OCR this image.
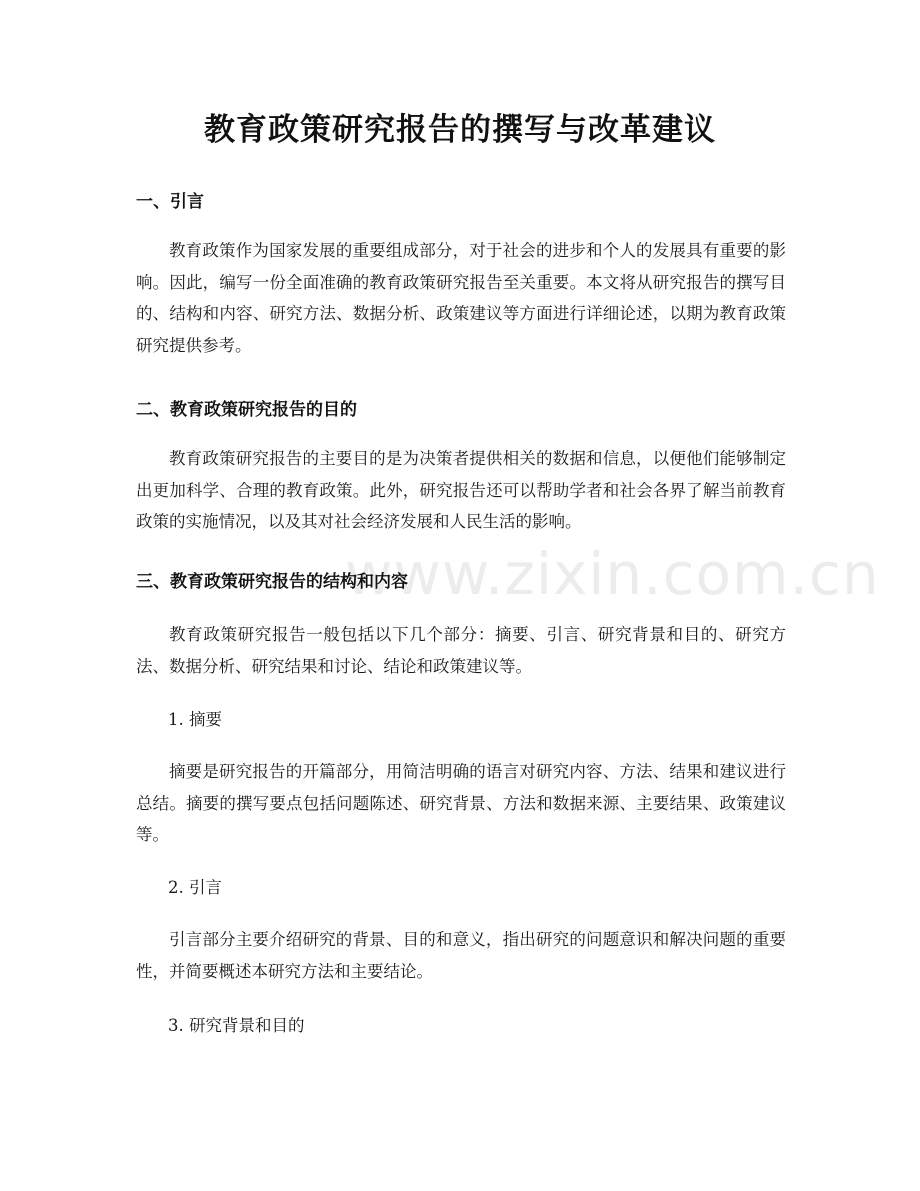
www.zixin.com.cn
教育政策研究报告的撰写与改革建议
一、引言
教育政策作为国家发展的重要组成部分，对于社会的进步和个人的发展具有重要的影响。因此，编写一份全面准确的教育政策研究报告至关重要。本文将从研究报告的撰写目的、结构和内容、研究方法、数据分析、政策建议等方面进行详细论述，以期为教育政策研究提供参考。
二、教育政策研究报告的目的
教育政策研究报告的主要目的是为决策者提供相关的数据和信息，以便他们能够制定出更加科学、合理的教育政策。此外，研究报告还可以帮助学者和社会各界了解当前教育政策的实施情况，以及其对社会经济发展和人民生活的影响。
三、教育政策研究报告的结构和内容
教育政策研究报告一般包括以下几个部分：摘要、引言、研究背景和目的、研究方法、数据分析、研究结果和讨论、结论和政策建议等。
1. 摘要
摘要是研究报告的开篇部分，用简洁明确的语言对研究内容、方法、结果和建议进行总结。摘要的撰写要点包括问题陈述、研究背景、方法和数据来源、主要结果、政策建议等。
2. 引言
引言部分主要介绍研究的背景、目的和意义，指出研究的问题意识和解决问题的重要性，并简要概述本研究方法和主要结论。
3. 研究背景和目的
